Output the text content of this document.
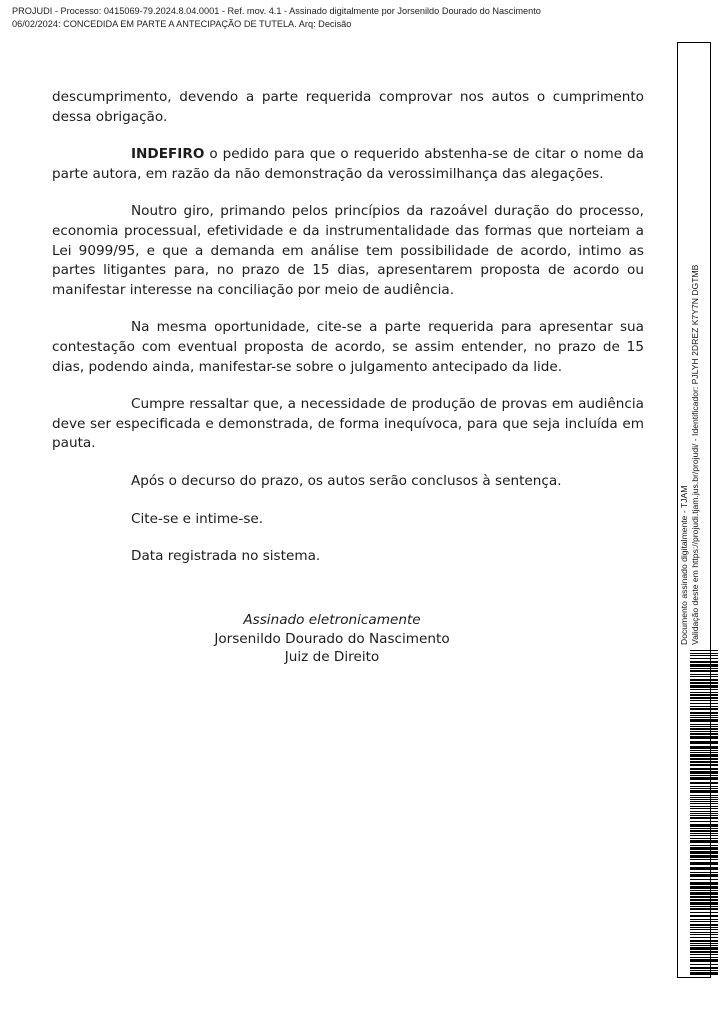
PROJUDI - Processo: 0415069-79.2024.8.04.0001 - Ref. mov. 4.1 - Assinado digitalmente por Jorsenildo Dourado do Nascimento
06/02/2024: CONCEDIDA EM PARTE A ANTECIPAÇÃO DE TUTELA. Arq: Decisão

descumprimento, devendo a parte requerida comprovar nos autos o cumprimento dessa obrigação.

INDEFIRO o pedido para que o requerido abstenha-se de citar o nome da parte autora, em razão da não demonstração da verossimilhança das alegações.

Noutro giro, primando pelos princípios da razoável duração do processo, economia processual, efetividade e da instrumentalidade das formas que norteiam a Lei 9099/95, e que a demanda em análise tem possibilidade de acordo, intimo as partes litigantes para, no prazo de 15 dias, apresentarem proposta de acordo ou manifestar interesse na conciliação por meio de audiência.

Na mesma oportunidade, cite-se a parte requerida para apresentar sua contestação com eventual proposta de acordo, se assim entender, no prazo de 15 dias, podendo ainda, manifestar-se sobre o julgamento antecipado da lide.

Cumpre ressaltar que, a necessidade de produção de provas em audiência deve ser especificada e demonstrada, de forma inequívoca, para que seja incluída em pauta.

Após o decurso do prazo, os autos serão conclusos à sentença.

Cite-se e intime-se.

Data registrada no sistema.

Assinado eletronicamente
Jorsenildo Dourado do Nascimento
Juiz de Direito
Documento assinado digitalmente - TJAM Validação deste em https://projudi.tjam.jus.br/projudi/ - Identificador: PJLYH 2DREZ K7Y7N DGTMB
